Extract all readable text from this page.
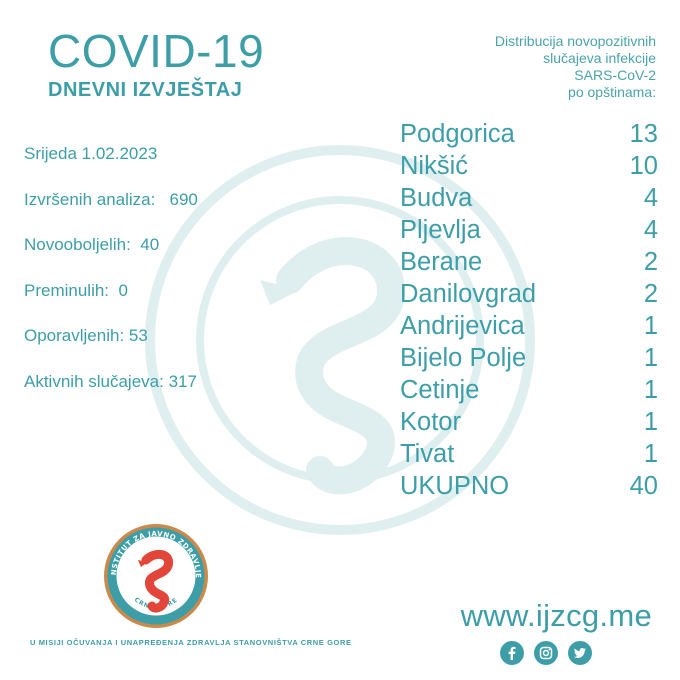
COVID-19
DNEVNI IZVJEŠTAJ
Distribucija novopozitivnih
slučajeva infekcije
SARS-CoV-2
po opštinama:
Srijeda 1.02.2023
Izvršenih analiza:   690
Novooboljelih:  40
Preminulih:  0
Oporavljenih: 53
Aktivnih slučajeva: 317
Podgorica	13
Nikšić	10
Budva	4
Pljevlja	4
Berane	2
Danilovgrad	2
Andrijevica	1
Bijelo Polje	1
Cetinje	1
Kotor	1
Tivat	1
UKUPNO	40
NSTITUT ZA JAVNO ZDRAVLJE
CRNE GORE
U MISIJI OČUVANJA I UNAPREĐENJA ZDRAVLJA STANOVNIŠTVA CRNE GORE
www.ijzcg.me
